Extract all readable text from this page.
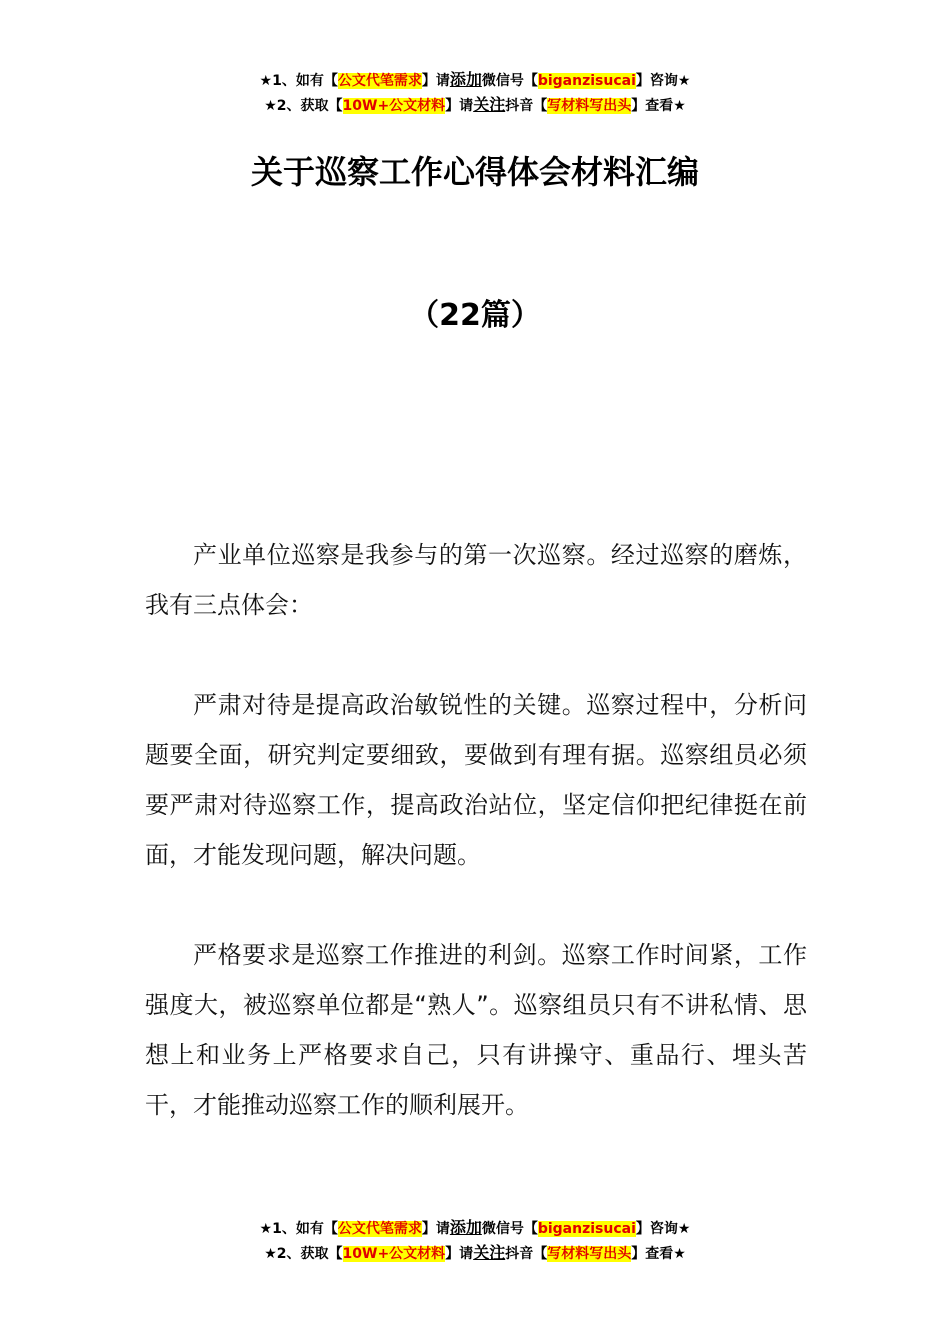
★1、如有【公文代笔需求】请添加微信号【biganzisucai】咨询★
★2、获取【10W+公文材料】请关注抖音【写材料写出头】查看★
关于巡察工作心得体会材料汇编
（22篇）

产业单位巡察是我参与的第一次巡察。经过巡察的磨炼，我有三点体会：

严肃对待是提高政治敏锐性的关键。巡察过程中，分析问题要全面，研究判定要细致，要做到有理有据。巡察组员必须要严肃对待巡察工作，提高政治站位，坚定信仰把纪律挺在前面，才能发现问题，解决问题。

严格要求是巡察工作推进的利剑。巡察工作时间紧，工作强度大，被巡察单位都是“熟人”。巡察组员只有不讲私情、思想上和业务上严格要求自己，只有讲操守、重品行、埋头苦干，才能推动巡察工作的顺利展开。

★1、如有【公文代笔需求】请添加微信号【biganzisucai】咨询★
★2、获取【10W+公文材料】请关注抖音【写材料写出头】查看★
